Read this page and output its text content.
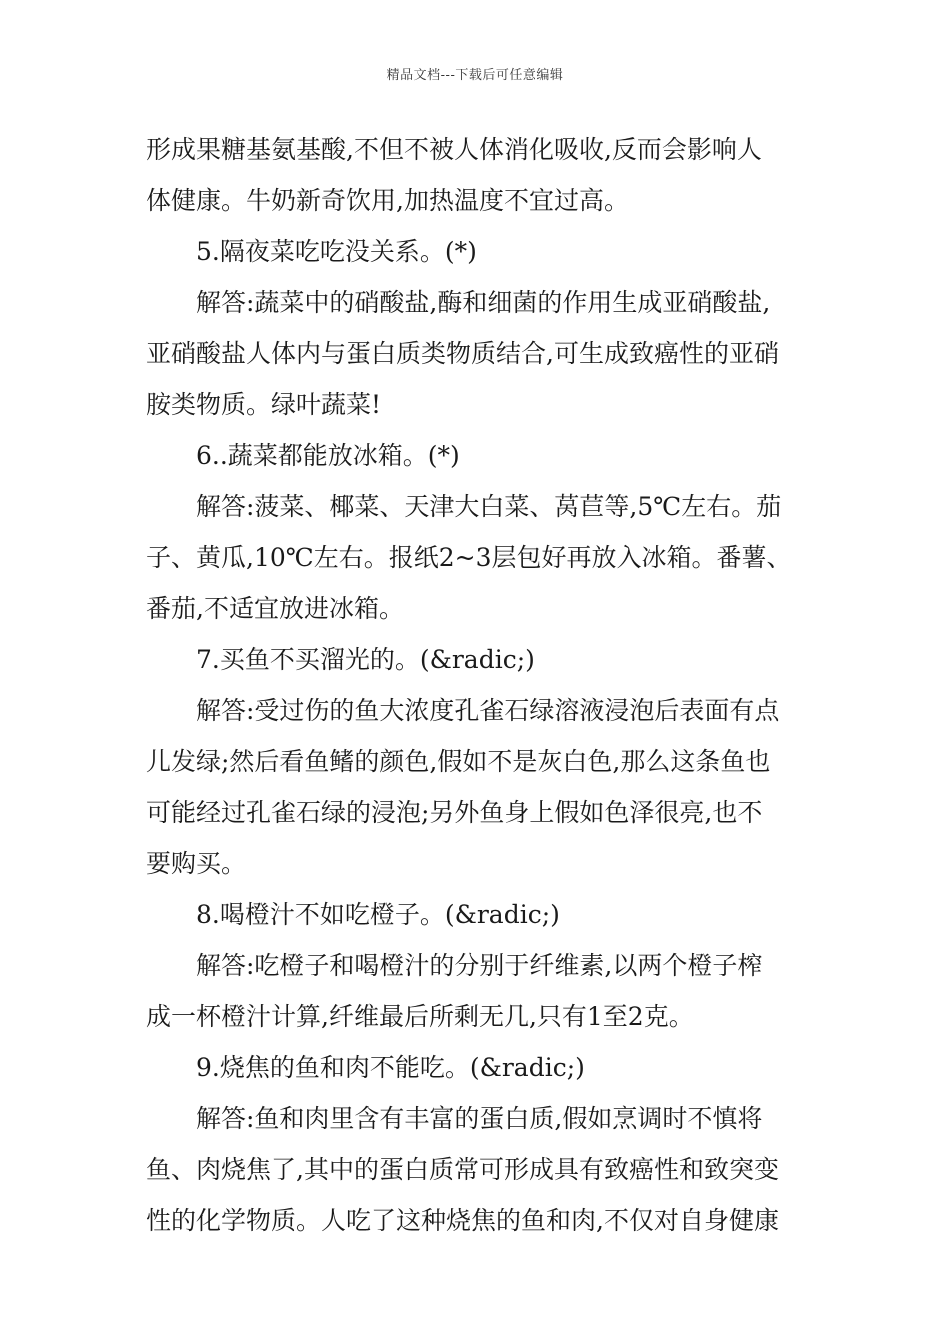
精品文档---下载后可任意编辑
形成果糖基氨基酸,不但不被人体消化吸收,反而会影响人
体健康。牛奶新奇饮用,加热温度不宜过高。
5.隔夜菜吃吃没关系。(*)
解答:蔬菜中的硝酸盐,酶和细菌的作用生成亚硝酸盐,
亚硝酸盐人体内与蛋白质类物质结合,可生成致癌性的亚硝
胺类物质。绿叶蔬菜!
6..蔬菜都能放冰箱。(*)
解答:菠菜、椰菜、天津大白菜、莴苣等,5℃左右。茄
子、黄瓜,10℃左右。报纸2~3层包好再放入冰箱。番薯、
番茄,不适宜放进冰箱。
7.买鱼不买溜光的。(&radic;)
解答:受过伤的鱼大浓度孔雀石绿溶液浸泡后表面有点
儿发绿;然后看鱼鳍的颜色,假如不是灰白色,那么这条鱼也
可能经过孔雀石绿的浸泡;另外鱼身上假如色泽很亮,也不
要购买。
8.喝橙汁不如吃橙子。(&radic;)
解答:吃橙子和喝橙汁的分别于纤维素,以两个橙子榨
成一杯橙汁计算,纤维最后所剩无几,只有1至2克。
9.烧焦的鱼和肉不能吃。(&radic;)
解答:鱼和肉里含有丰富的蛋白质,假如烹调时不慎将
鱼、肉烧焦了,其中的蛋白质常可形成具有致癌性和致突变
性的化学物质。人吃了这种烧焦的鱼和肉,不仅对自身健康
